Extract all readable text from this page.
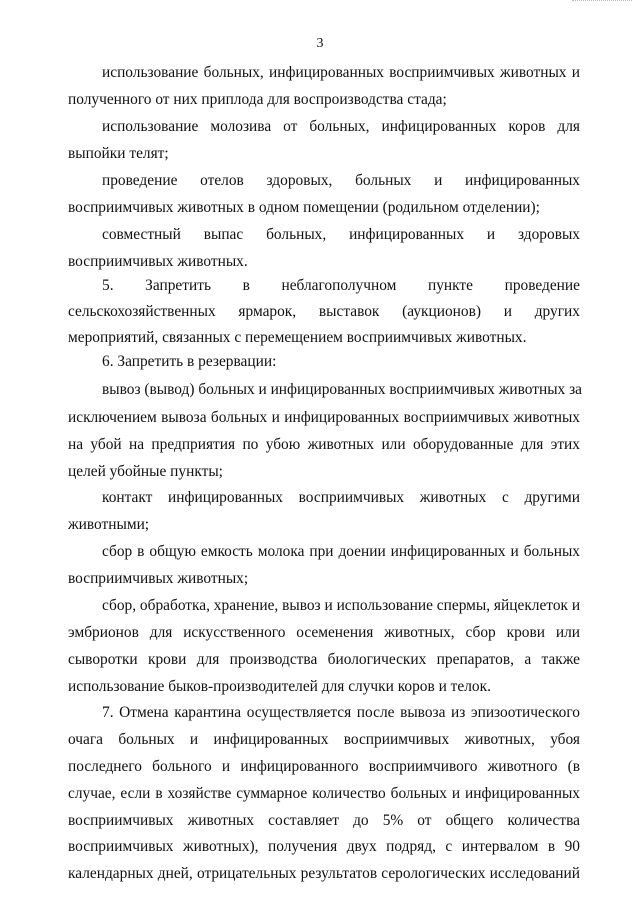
3
использование больных, инфицированных восприимчивых животных и
полученного от них приплода для воспроизводства стада;
использование молозива от больных, инфицированных коров для
выпойки телят;
проведение отелов здоровых, больных и инфицированных
восприимчивых животных в одном помещении (родильном отделении);
совместный выпас больных, инфицированных и здоровых
восприимчивых животных.
5. Запретить в неблагополучном пункте проведение
сельскохозяйственных ярмарок, выставок (аукционов) и других
мероприятий, связанных с перемещением восприимчивых животных.
6. Запретить в резервации:
вывоз (вывод) больных и инфицированных восприимчивых животных за
исключением вывоза больных и инфицированных восприимчивых животных
на убой на предприятия по убою животных или оборудованные для этих
целей убойные пункты;
контакт инфицированных восприимчивых животных с другими
животными;
сбор в общую емкость молока при доении инфицированных и больных
восприимчивых животных;
сбор, обработка, хранение, вывоз и использование спермы, яйцеклеток и
эмбрионов для искусственного осеменения животных, сбор крови или
сыворотки крови для производства биологических препаратов, а также
использование быков-производителей для случки коров и телок.
7. Отмена карантина осуществляется после вывоза из эпизоотического
очага больных и инфицированных восприимчивых животных, убоя
последнего больного и инфицированного восприимчивого животного (в
случае, если в хозяйстве суммарное количество больных и инфицированных
восприимчивых животных составляет до 5% от общего количества
восприимчивых животных), получения двух подряд, с интервалом в 90
календарных дней, отрицательных результатов серологических исследований
